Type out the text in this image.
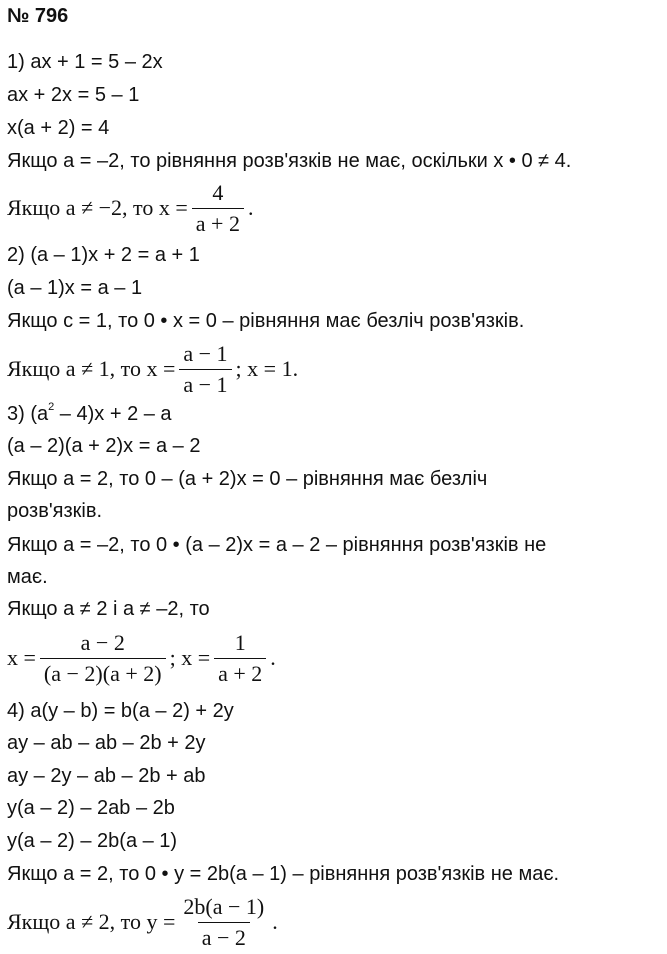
№ 796
1) ax + 1 = 5 – 2x
ax + 2x = 5 – 1
x(a + 2) = 4
Якщо a = –2, то рівняння розв'язків не має, оскільки x • 0 ≠ 4.
Якщо a ≠ −2, то $x = \frac{4}{a + 2}$ .
2) (a – 1)x + 2 = a + 1
(a – 1)x = a – 1
Якщо c = 1, то 0 • x = 0 – рівняння має безліч розв'язків.
Якщо a ≠ 1, то $x = \frac{a - 1}{a - 1}$ ; x = 1.
3) $(a^2 - 4)x + 2 - a$
(a – 2)(a + 2)x = a – 2
Якщо a = 2, то 0 – (a + 2)x = 0 – рівняння має безліч
розв'язків.
Якщо a = –2, то 0 • (a – 2)x = a – 2 – рівняння розв'язків не
має.
Якщо a ≠ 2 і a ≠ –2, то
$x = \frac{a - 2}{(a - 2)(a + 2)}$ ; $x = \frac{1}{a + 2}$ .
4) a(y – b) = b(a – 2) + 2y
ay – ab – ab – 2b + 2y
ay – 2y – ab – 2b + ab
y(a – 2) – 2ab – 2b
y(a – 2) – 2b(a – 1)
Якщо a = 2, то 0 • y = 2b(a – 1) – рівняння розв'язків не має.
Якщо a ≠ 2, то $y = \frac{2b(a - 1)}{a - 2}$ .
